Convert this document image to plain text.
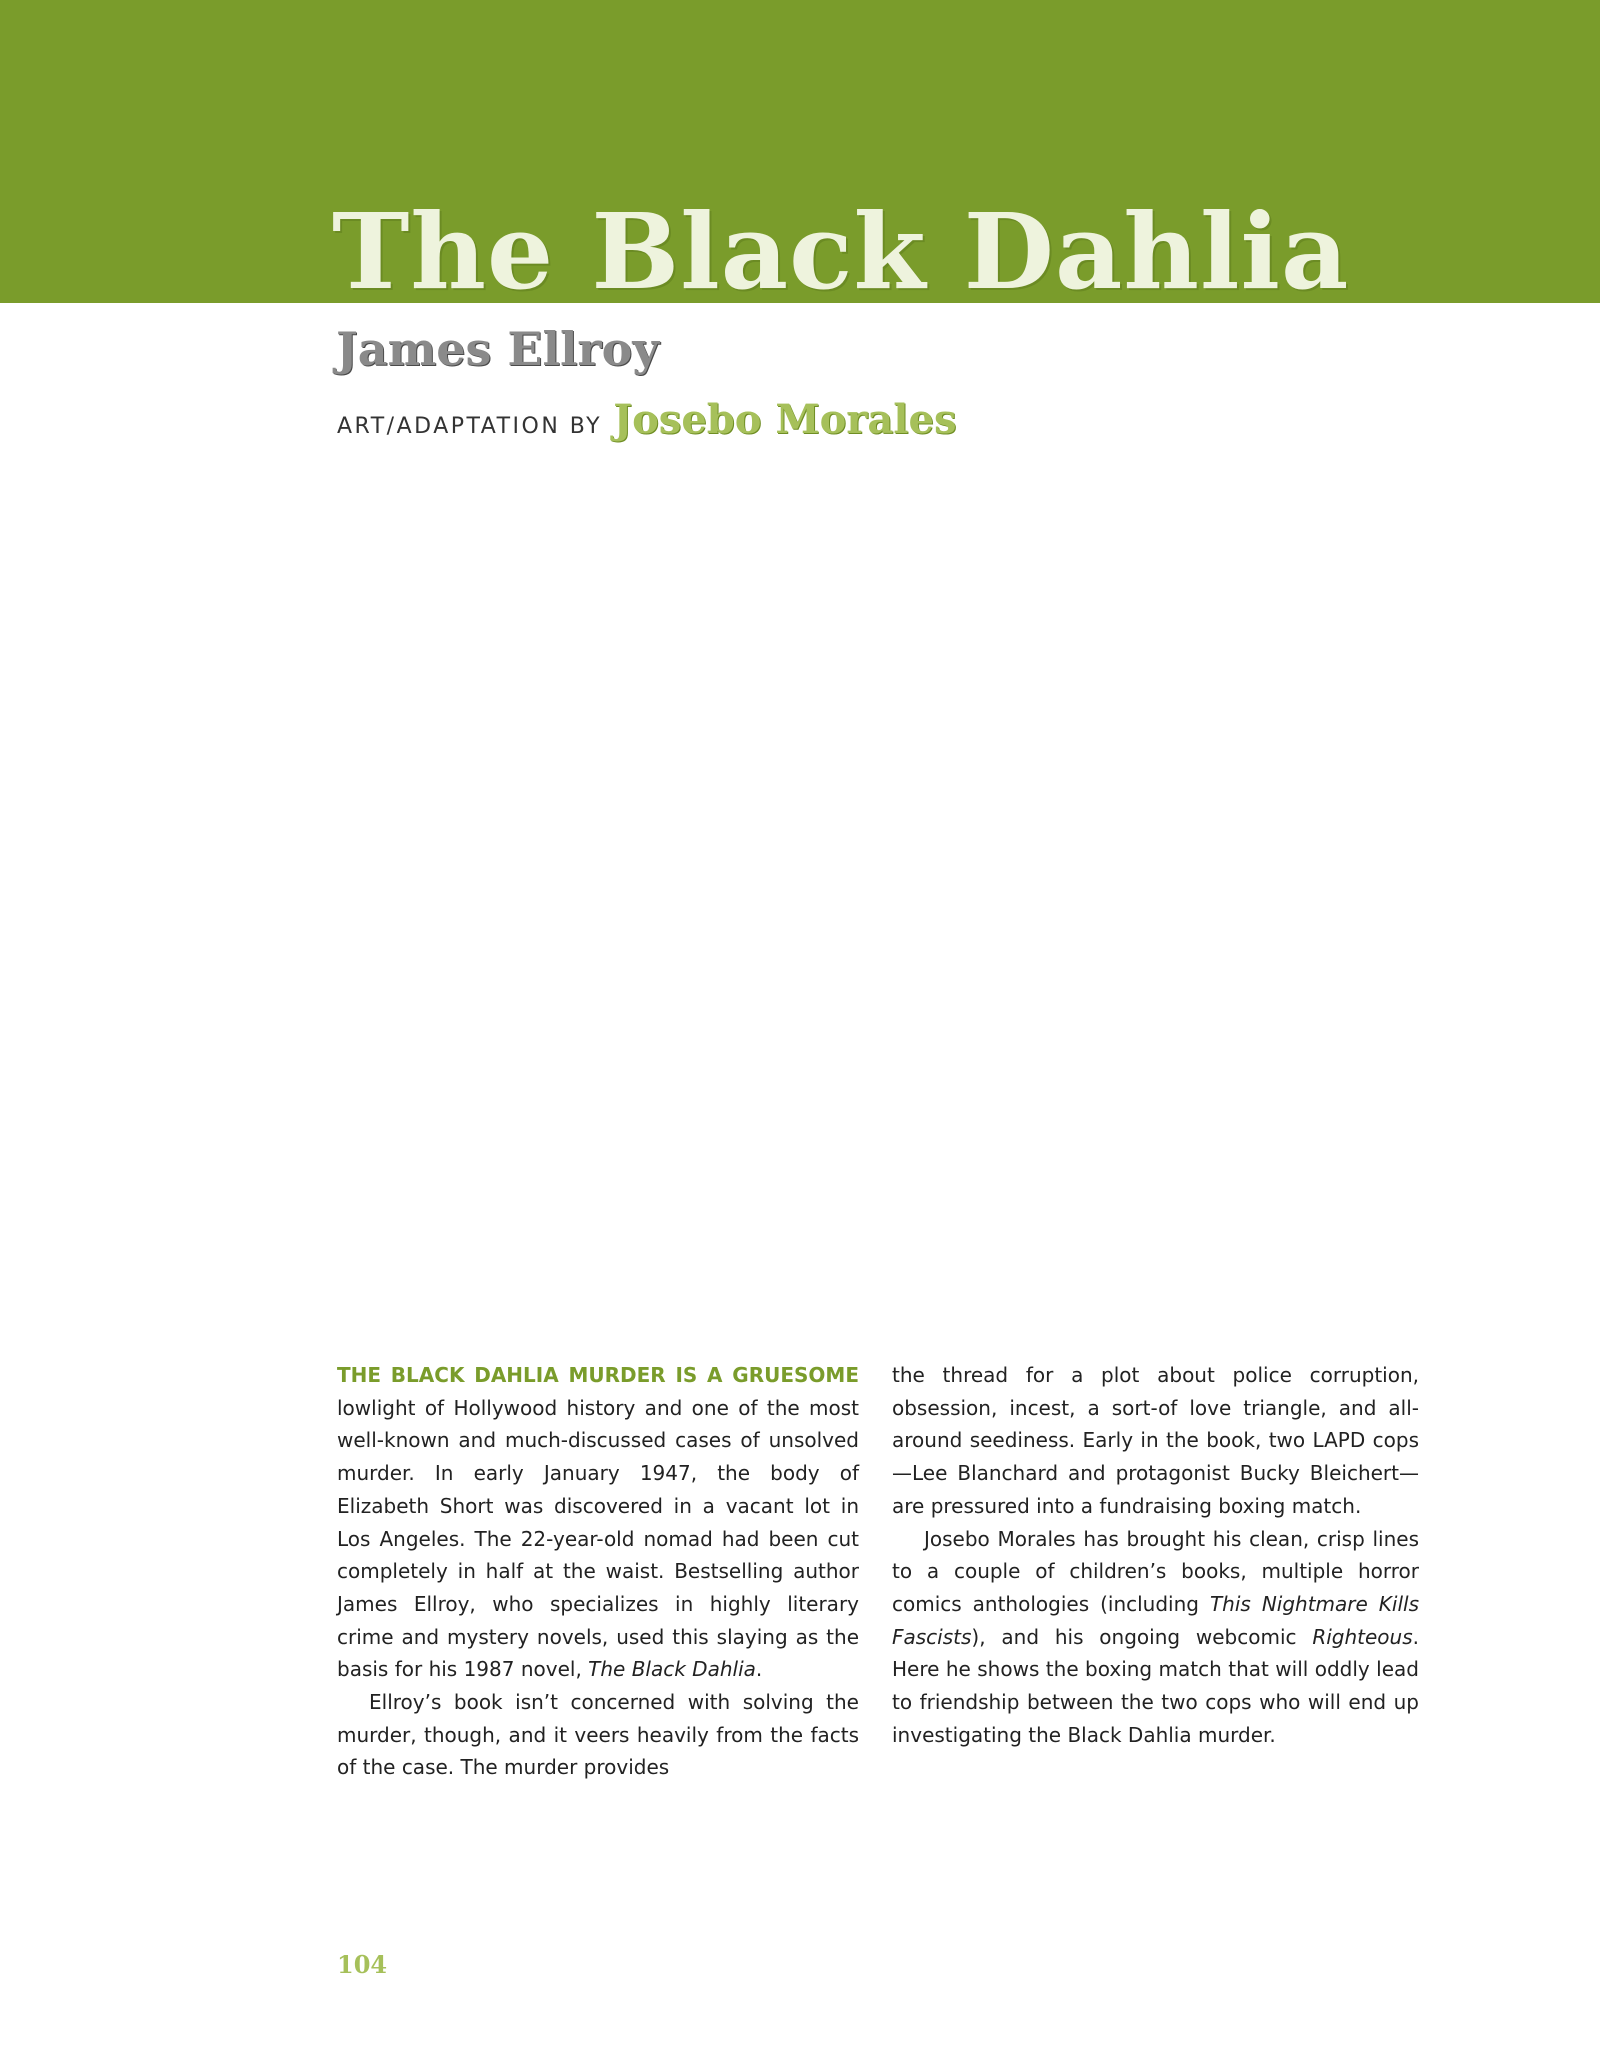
The Black Dahlia
James Ellroy
ART/ADAPTATION BY Josebo Morales

THE BLACK DAHLIA MURDER IS A GRUESOME lowlight of Hollywood history and one of the most well-known and much-discussed cases of unsolved murder. In early January 1947, the body of Elizabeth Short was discovered in a vacant lot in Los Angeles. The 22-year-old nomad had been cut completely in half at the waist. Bestselling author James Ellroy, who specializes in highly literary crime and mystery novels, used this slaying as the basis for his 1987 novel, The Black Dahlia.

Ellroy’s book isn’t concerned with solving the murder, though, and it veers heavily from the facts of the case. The murder provides

the thread for a plot about police corruption, obsession, incest, a sort-of love triangle, and all-around seediness. Early in the book, two LAPD cops—Lee Blanchard and protagonist Bucky Bleichert—are pressured into a fundraising boxing match.

Josebo Morales has brought his clean, crisp lines to a couple of children’s books, multiple horror comics anthologies (including This Nightmare Kills Fascists), and his ongoing webcomic Righteous. Here he shows the boxing match that will oddly lead to friendship between the two cops who will end up investigating the Black Dahlia murder.

104
